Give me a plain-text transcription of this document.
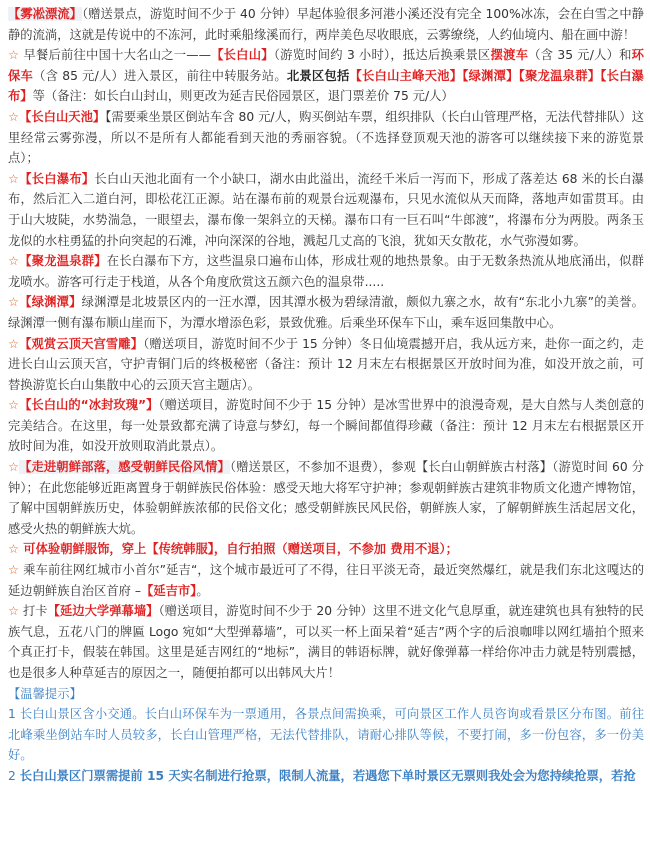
【雾凇漂流】（赠送景点，游览时间不少于 40 分钟）早起体验很多河港小溪还没有完全 100%冰冻，会在白雪之中静静的流淌，这就是传说中的不冻河，此时乘船缘溪而行，两岸美色尽收眼底，云雾缭绕，人约仙境内、船在画中游！

☆ 早餐后前往中国十大名山之一——【长白山】（游览时间约 3 小时），抵达后换乘景区摆渡车（含 35 元/人）和环保车（含 85 元/人）进入景区，前往中转服务站。北景区包括【长白山主峰天池】【绿渊潭】【聚龙温泉群】【长白瀑布】等（备注：如长白山封山，则更改为延吉民俗园景区，退门票差价 75 元/人）

☆【长白山天池】【需要乘坐景区倒站车含 80 元/人，购买倒站车票，组织排队（长白山管理严格，无法代替排队）这里经常云雾弥漫，所以不是所有人都能看到天池的秀丽容貌。（不选择登顶观天池的游客可以继续接下来的游览景点）；

☆【长白瀑布】长白山天池北面有一个小缺口，湖水由此溢出，流经千米后一泻而下，形成了落差达 68 米的长白瀑布，然后汇入二道白河，即松花江正源。站在瀑布前的观景台远观瀑布，只见水流似从天而降，落地声如雷贯耳。由于山大坡陡，水势湍急，一眼望去，瀑布像一架斜立的天梯。瀑布口有一巨石叫“牛郎渡”，将瀑布分为两股。两条玉龙似的水柱勇猛的扑向突起的石滩，冲向深深的谷地，溅起几丈高的飞浪，犹如天女散花，水气弥漫如雾。

☆【聚龙温泉群】在长白瀑布下方，这些温泉口遍布山体，形成壮观的地热景象。由于无数条热流从地底涌出，似群龙喷水。游客可行走于栈道，从各个角度欣赏这五颜六色的温泉带.....

☆【绿渊潭】绿渊潭是北坡景区内的一汪水潭，因其潭水极为碧绿清澈，颇似九寨之水，故有“东北小九寨”的美誉。绿渊潭一侧有瀑布顺山崖而下，为潭水增添色彩，景致优雅。后乘坐环保车下山，乘车返回集散中心。

☆【观赏云顶天宫雪雕】（赠送项目，游览时间不少于 15 分钟）冬日仙境震撼开启，我从远方来，赴你一面之约，走进长白山云顶天宫，守护青铜门后的终极秘密（备注：预计 12 月末左右根据景区开放时间为准，如没开放之前，可替换游览长白山集散中心的云顶天宫主题店）。

☆【长白山的“冰封玫瑰”】（赠送项目，游览时间不少于 15 分钟）是冰雪世界中的浪漫奇观，是大自然与人类创意的完美结合。在这里，每一处景致都充满了诗意与梦幻，每一个瞬间都值得珍藏（备注：预计 12 月末左右根据景区开放时间为准，如没开放则取消此景点）。

☆【走进朝鲜部落，感受朝鲜民俗风情】（赠送景区，不参加不退费），参观【长白山朝鲜族古村落】（游览时间 60 分钟）；在此您能够近距离置身于朝鲜族民俗体验：感受天地大将军守护神；参观朝鲜族古建筑非物质文化遗产博物馆，了解中国朝鲜族历史，体验朝鲜族浓郁的民俗文化；感受朝鲜族民风民俗，朝鲜族人家，了解朝鲜族生活起居文化，感受火热的朝鲜族大炕。

☆ 可体验朝鲜服饰，穿上【传统韩服】，自行拍照（赠送项目，不参加 费用不退）；

☆ 乘车前往网红城市小首尔”延吉“，这个城市最近可了不得，往日平淡无奇，最近突然爆红，就是我们东北这嘎达的延边朝鲜族自治区首府 –【延吉市】。

☆ 打卡【延边大学弹幕墙】（赠送项目，游览时间不少于 20 分钟）这里不进文化气息厚重，就连建筑也具有独特的民族气息，五花八门的牌匾 Logo 宛如“大型弹幕墙”，可以买一杯上面呆着“延吉”两个字的后浪咖啡以网红墙拍个照来个真正打卡，假装在韩国。这里是延吉网红的“地标”，满目的韩语标牌，就好像弹幕一样给你冲击力就是特别震撼，也是很多人种草延吉的原因之一，随便拍都可以出韩风大片！

【温馨提示】

1 长白山景区含小交通。长白山环保车为一票通用，各景点间需换乘，可向景区工作人员咨询或看景区分布图。前往北峰乘坐倒站车时人员较多，长白山管理严格，无法代替排队，请耐心排队等候，不要打闹，多一份包容，多一份美好。

2 长白山景区门票需提前 15 天实名制进行抢票，限制人流量，若遇您下单时景区无票则我处会为您持续抢票，若抢
